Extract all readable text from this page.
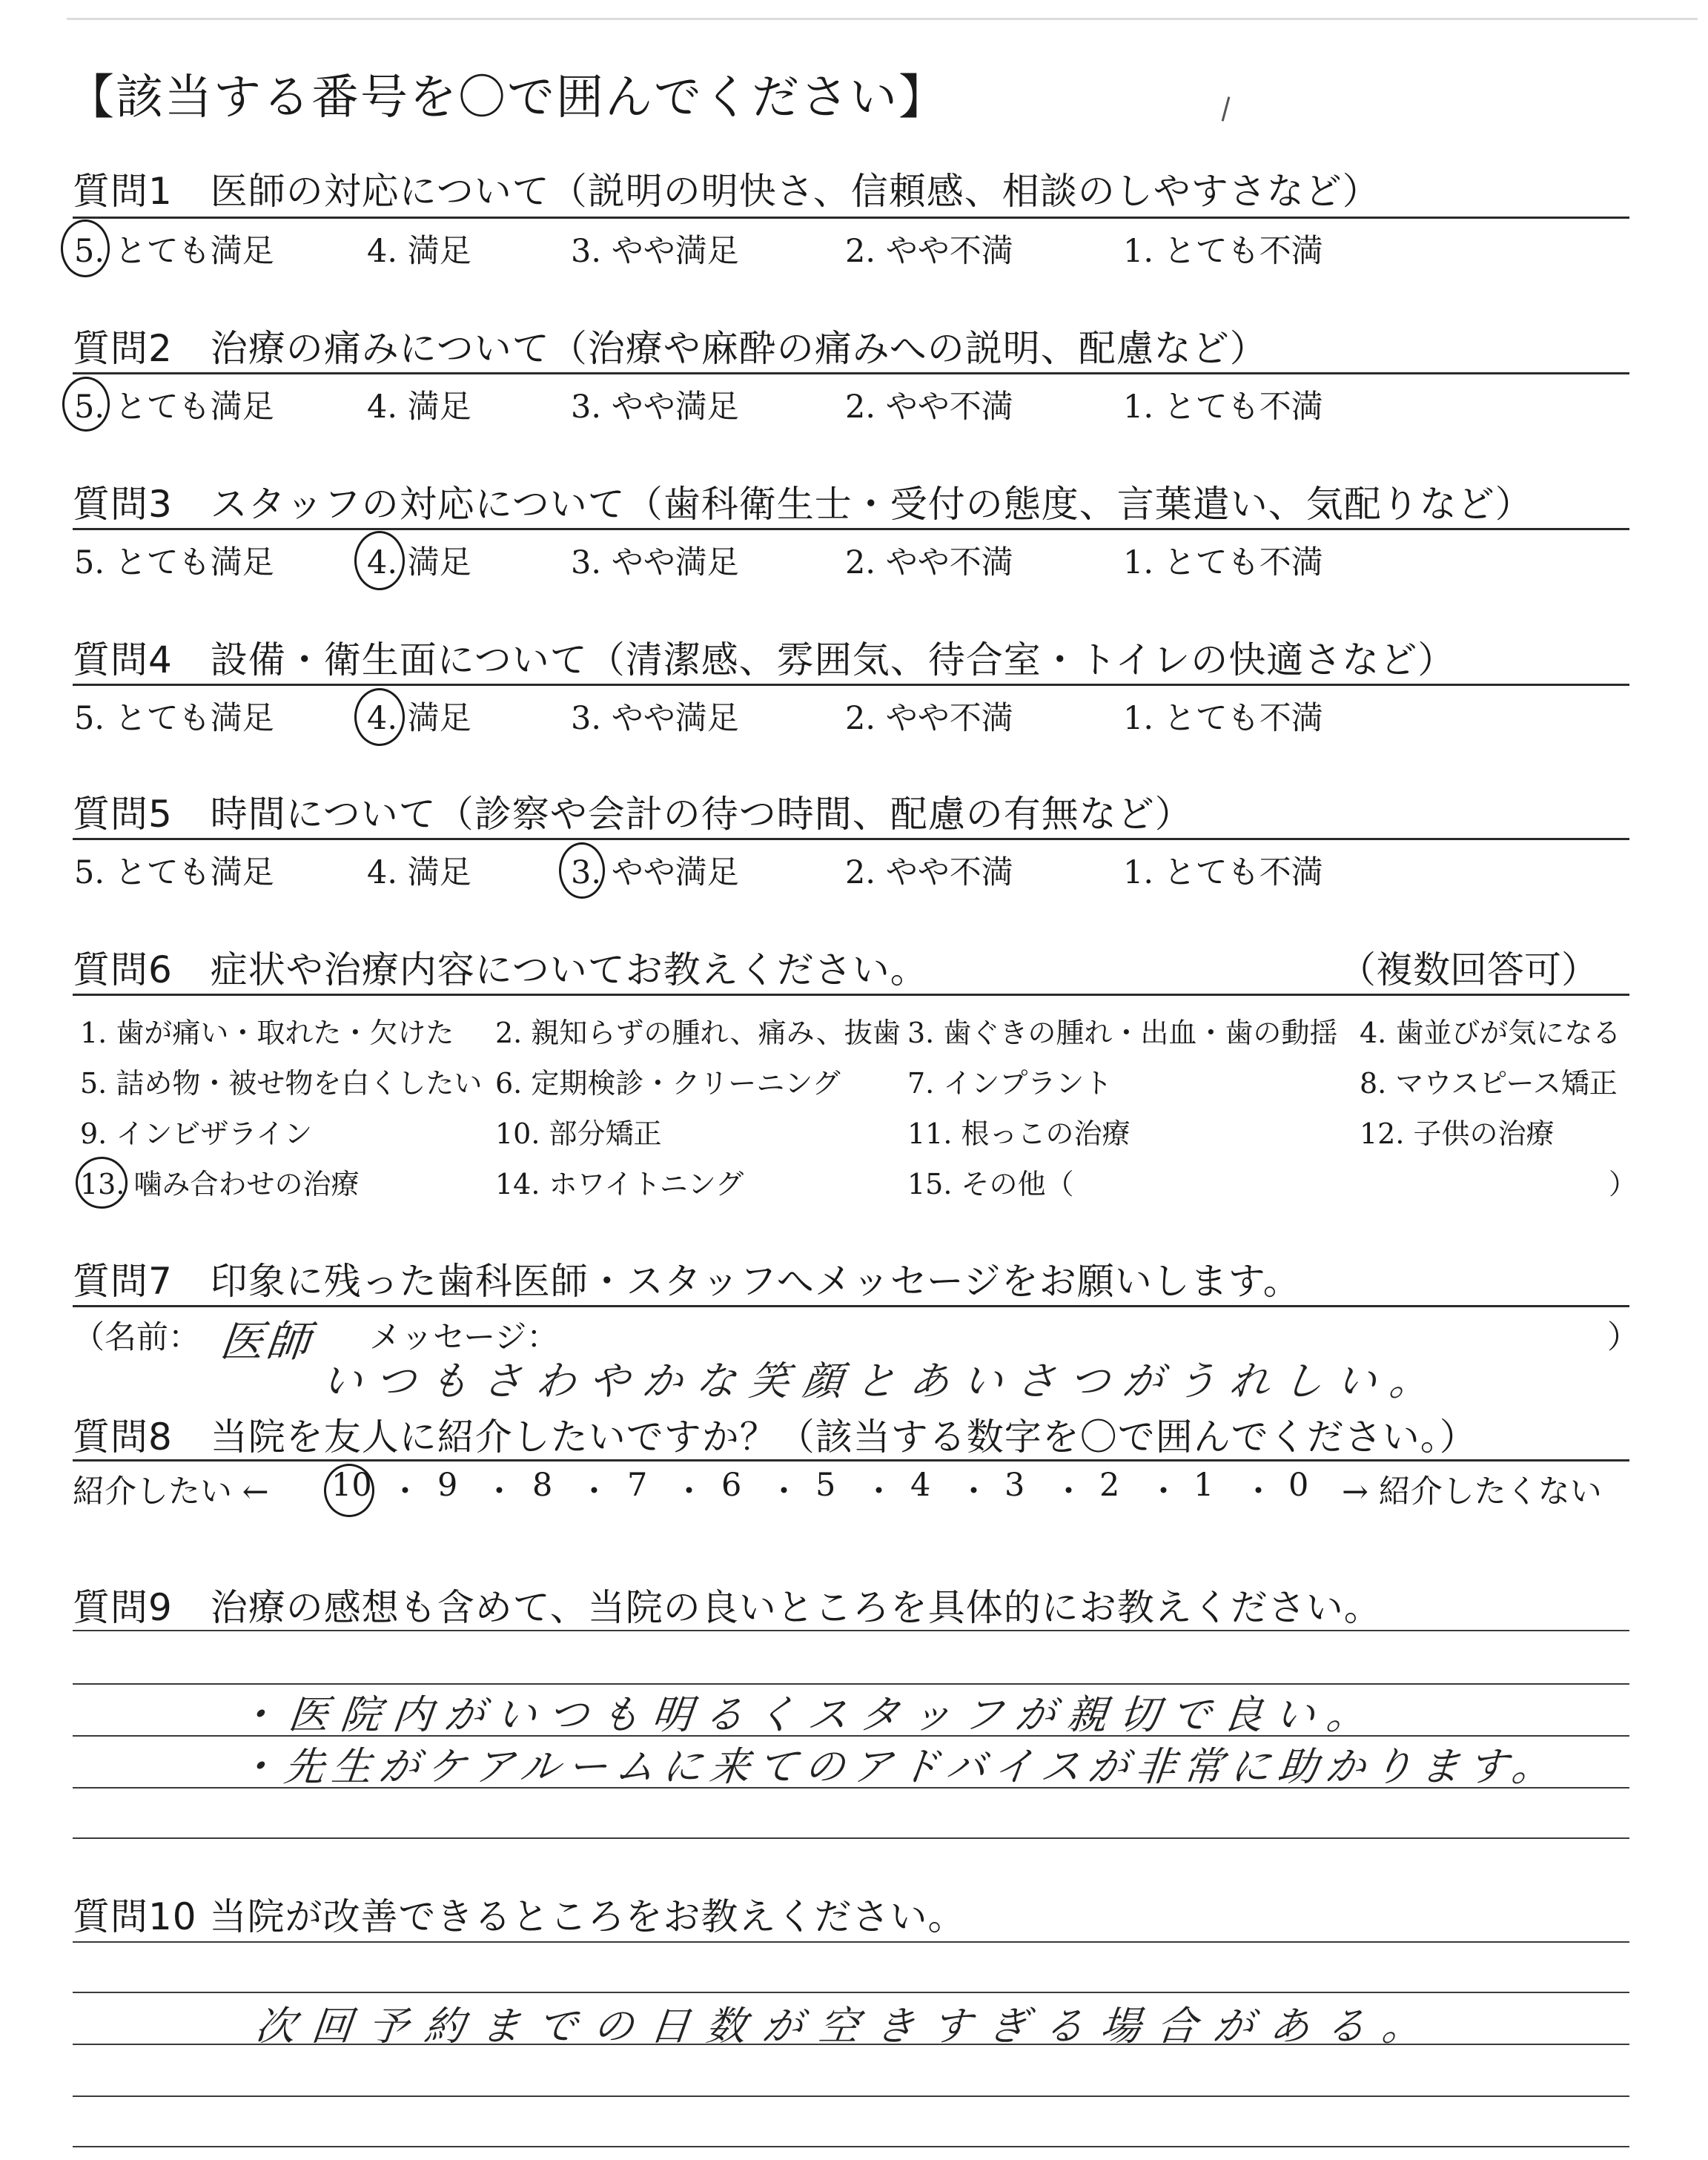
【該当する番号を〇で囲んでください】
質問1　医師の対応について（説明の明快さ、信頼感、相談のしやすさなど）
5. とても満足	4. 満足	3. やや満足	2. やや不満	1. とても不満
質問2　治療の痛みについて（治療や麻酔の痛みへの説明、配慮など）
5. とても満足	4. 満足	3. やや満足	2. やや不満	1. とても不満
質問3　スタッフの対応について（歯科衛生士・受付の態度、言葉遣い、気配りなど）
5. とても満足	4. 満足	3. やや満足	2. やや不満	1. とても不満
質問4　設備・衛生面について（清潔感、雰囲気、待合室・トイレの快適さなど）
5. とても満足	4. 満足	3. やや満足	2. やや不満	1. とても不満
質問5　時間について（診察や会計の待つ時間、配慮の有無など）
5. とても満足	4. 満足	3. やや満足	2. やや不満	1. とても不満
質問6　症状や治療内容についてお教えください。	（複数回答可）
1. 歯が痛い・取れた・欠けた 2. 親知らずの腫れ、痛み、抜歯 3. 歯ぐきの腫れ・出血・歯の動揺 4. 歯並びが気になる
5. 詰め物・被せ物を白くしたい 6. 定期検診・クリーニング 7. インプラント	8. マウスピース矯正
9. インビザライン	10. 部分矯正	11. 根っこの治療	12. 子供の治療
13. 噛み合わせの治療	14. ホワイトニング	15. その他（	）
質問7　印象に残った歯科医師・スタッフへメッセージをお願いします。
（名前： 医師 メッセージ：	）
いつもさわやかな笑顔とあいさつがうれしい。
質問8　当院を友人に紹介したいですか？（該当する数字を〇で囲んでください。）
紹介したい ← 10 ・ 9 ・ 8 ・ 7 ・ 6 ・ 5 ・ 4 ・ 3 ・ 2 ・ 1 ・ 0 → 紹介したくない
質問9　治療の感想も含めて、当院の良いところを具体的にお教えください。
・医院内がいつも明るくスタッフが親切で良い。
・先生がケアルームに来てのアドバイスが非常に助かります。
質問10 当院が改善できるところをお教えください。
次回予約までの日数が空きすぎる場合がある。
